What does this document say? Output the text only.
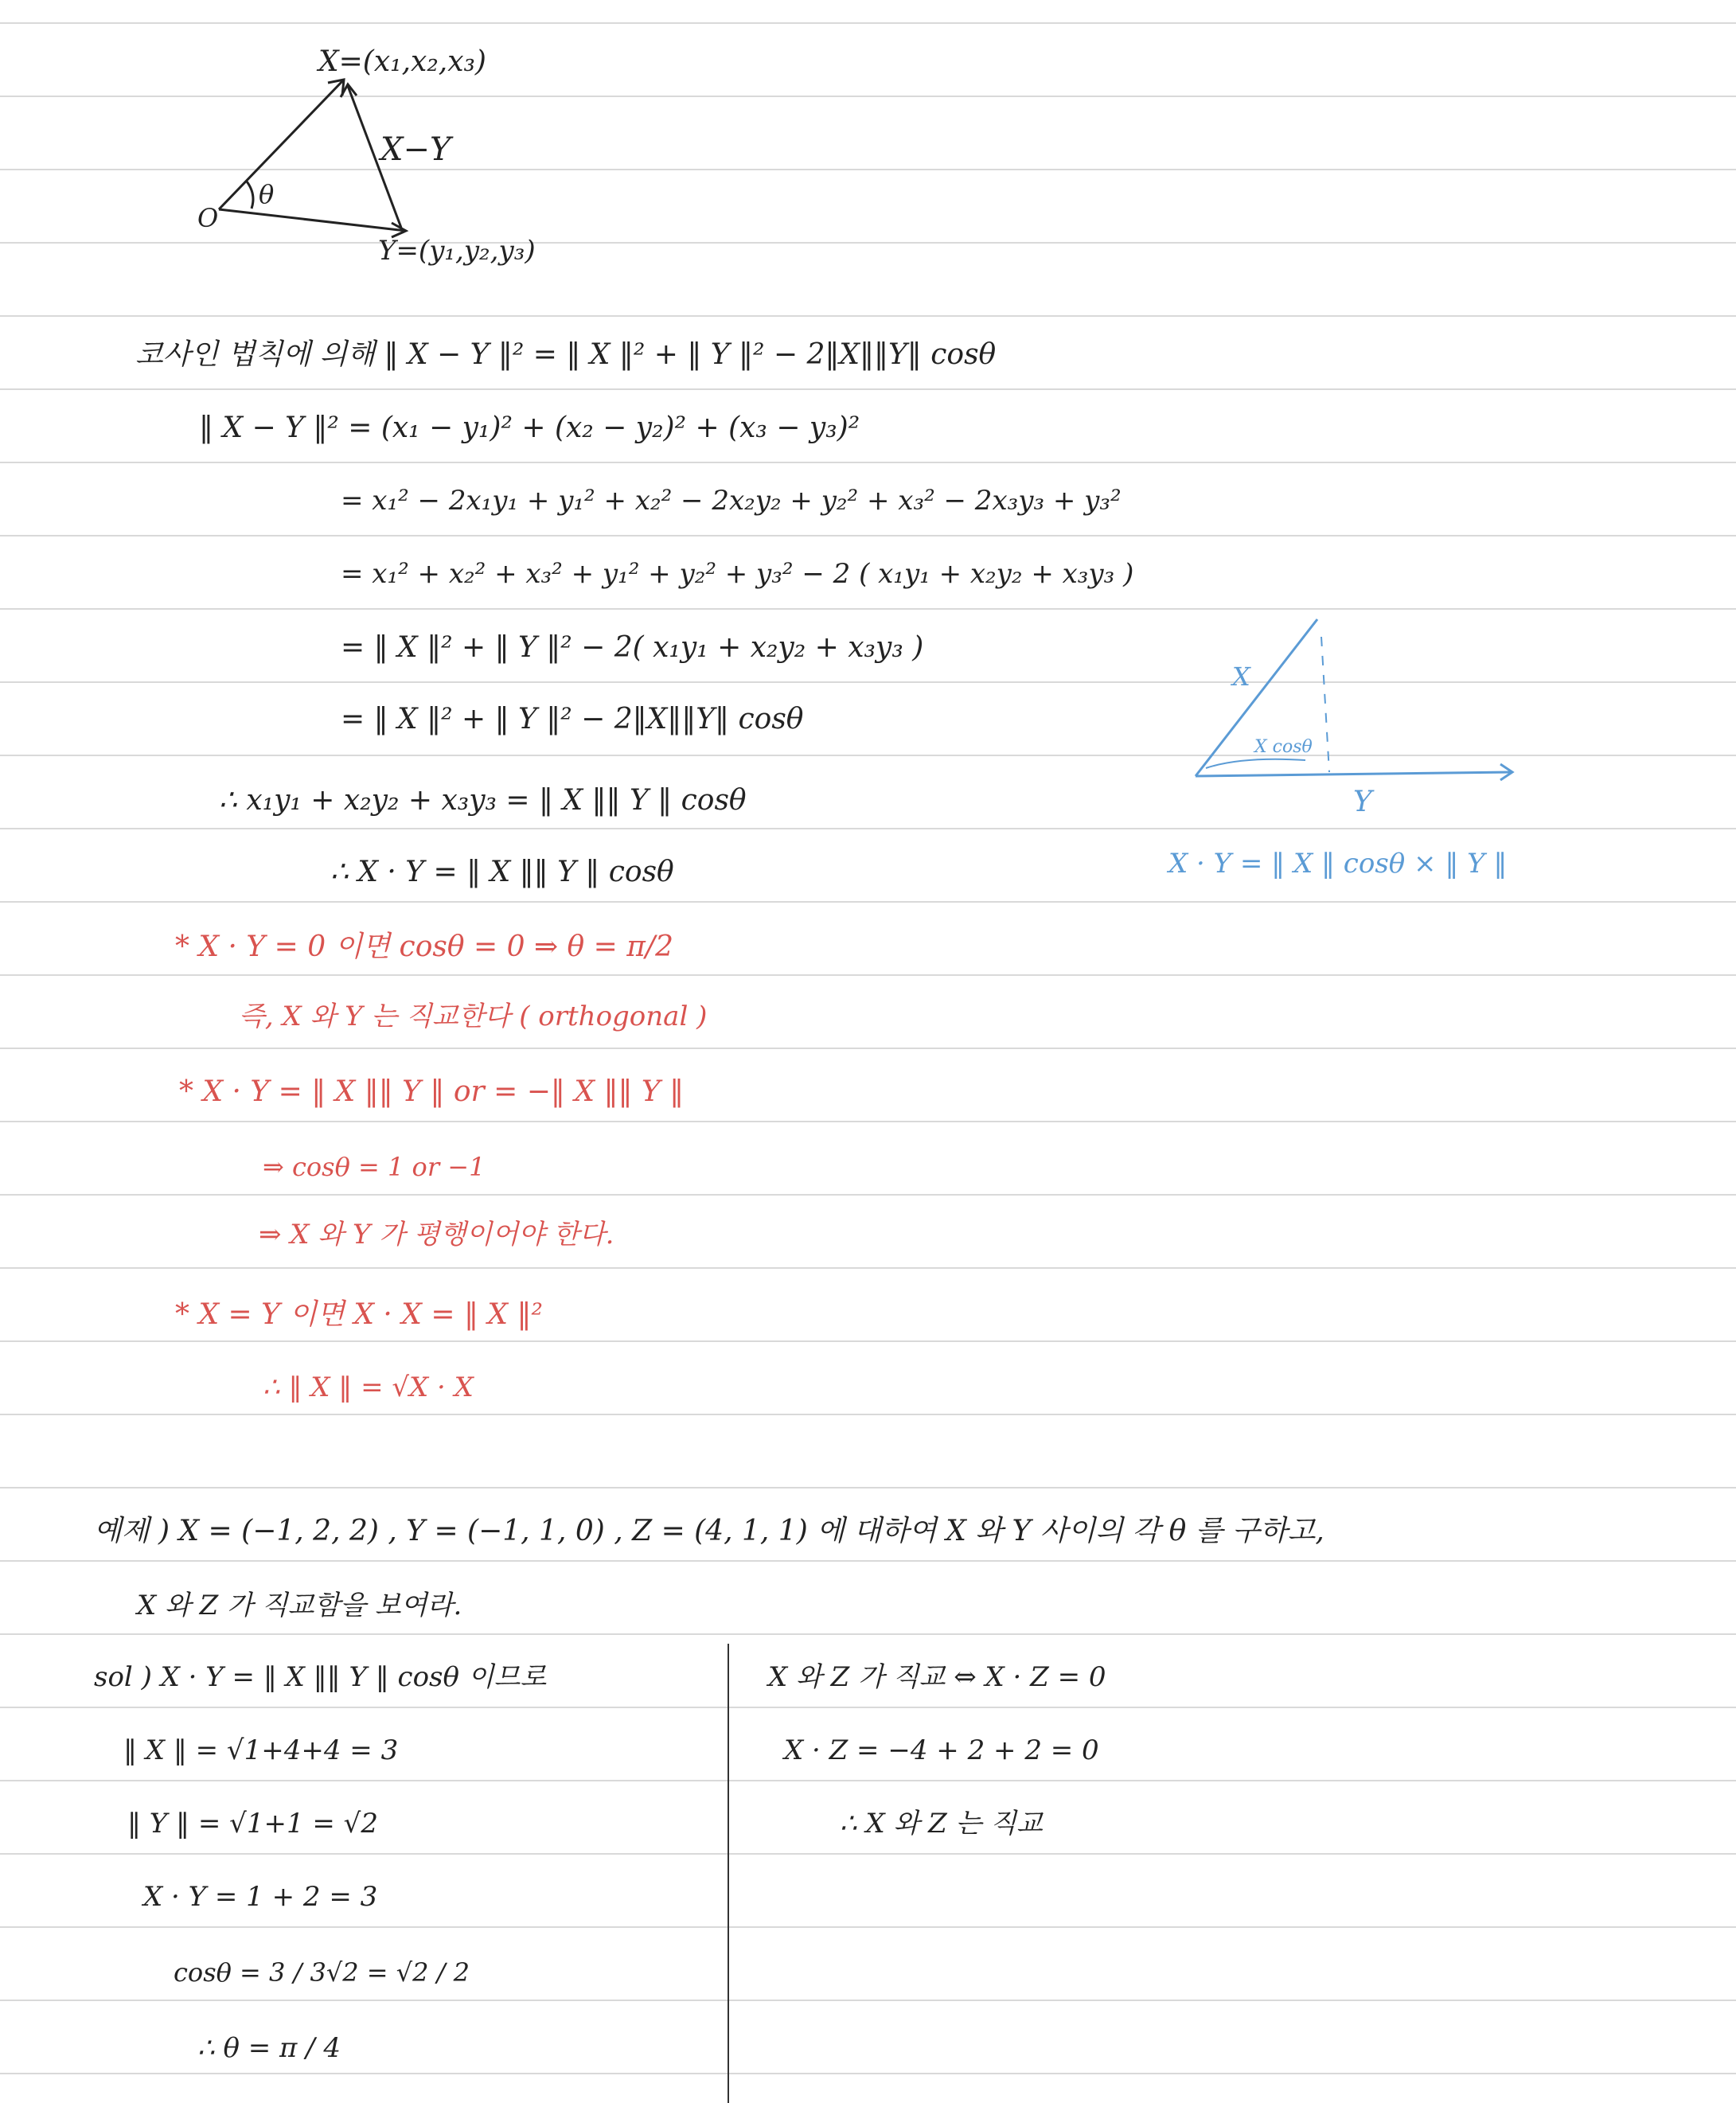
X=(x₁,x₂,x₃)
X−Y
O
θ
Y=(y₁,y₂,y₃)
코사인 법칙에 의해 ‖ X − Y ‖² = ‖ X ‖² + ‖ Y ‖² − 2‖X‖‖Y‖ cosθ
‖ X − Y ‖² = (x₁ − y₁)² + (x₂ − y₂)² + (x₃ − y₃)²
= x₁² − 2x₁y₁ + y₁² + x₂² − 2x₂y₂ + y₂² + x₃² − 2x₃y₃ + y₃²
= x₁² + x₂² + x₃² + y₁² + y₂² + y₃² − 2 ( x₁y₁ + x₂y₂ + x₃y₃ )
= ‖ X ‖² + ‖ Y ‖² − 2( x₁y₁ + x₂y₂ + x₃y₃ )
= ‖ X ‖² + ‖ Y ‖² − 2‖X‖‖Y‖ cosθ
∴ x₁y₁ + x₂y₂ + x₃y₃ = ‖ X ‖‖ Y ‖ cosθ
∴ X · Y = ‖ X ‖‖ Y ‖ cosθ
X
X cosθ
Y
X · Y = ‖ X ‖ cosθ × ‖ Y ‖
* X · Y = 0 이면 cosθ = 0 ⇒ θ = π/2
즉, X 와 Y 는 직교한다 ( orthogonal )
* X · Y = ‖ X ‖‖ Y ‖ or = −‖ X ‖‖ Y ‖
⇒ cosθ = 1 or −1
⇒ X 와 Y 가 평행이어야 한다.
* X = Y 이면 X · X = ‖ X ‖²
∴ ‖ X ‖ = √X · X
예제 ) X = (−1, 2, 2) , Y = (−1, 1, 0) , Z = (4, 1, 1) 에 대하여 X 와 Y 사이의 각 θ 를 구하고,
X 와 Z 가 직교함을 보여라.
sol ) X · Y = ‖ X ‖‖ Y ‖ cosθ 이므로
‖ X ‖ = √1+4+4 = 3
‖ Y ‖ = √1+1 = √2
X · Y = 1 + 2 = 3
cosθ = 3 / 3√2 = √2 / 2
∴ θ = π / 4
X 와 Z 가 직교 ⇔ X · Z = 0
X · Z = −4 + 2 + 2 = 0
∴ X 와 Z 는 직교
